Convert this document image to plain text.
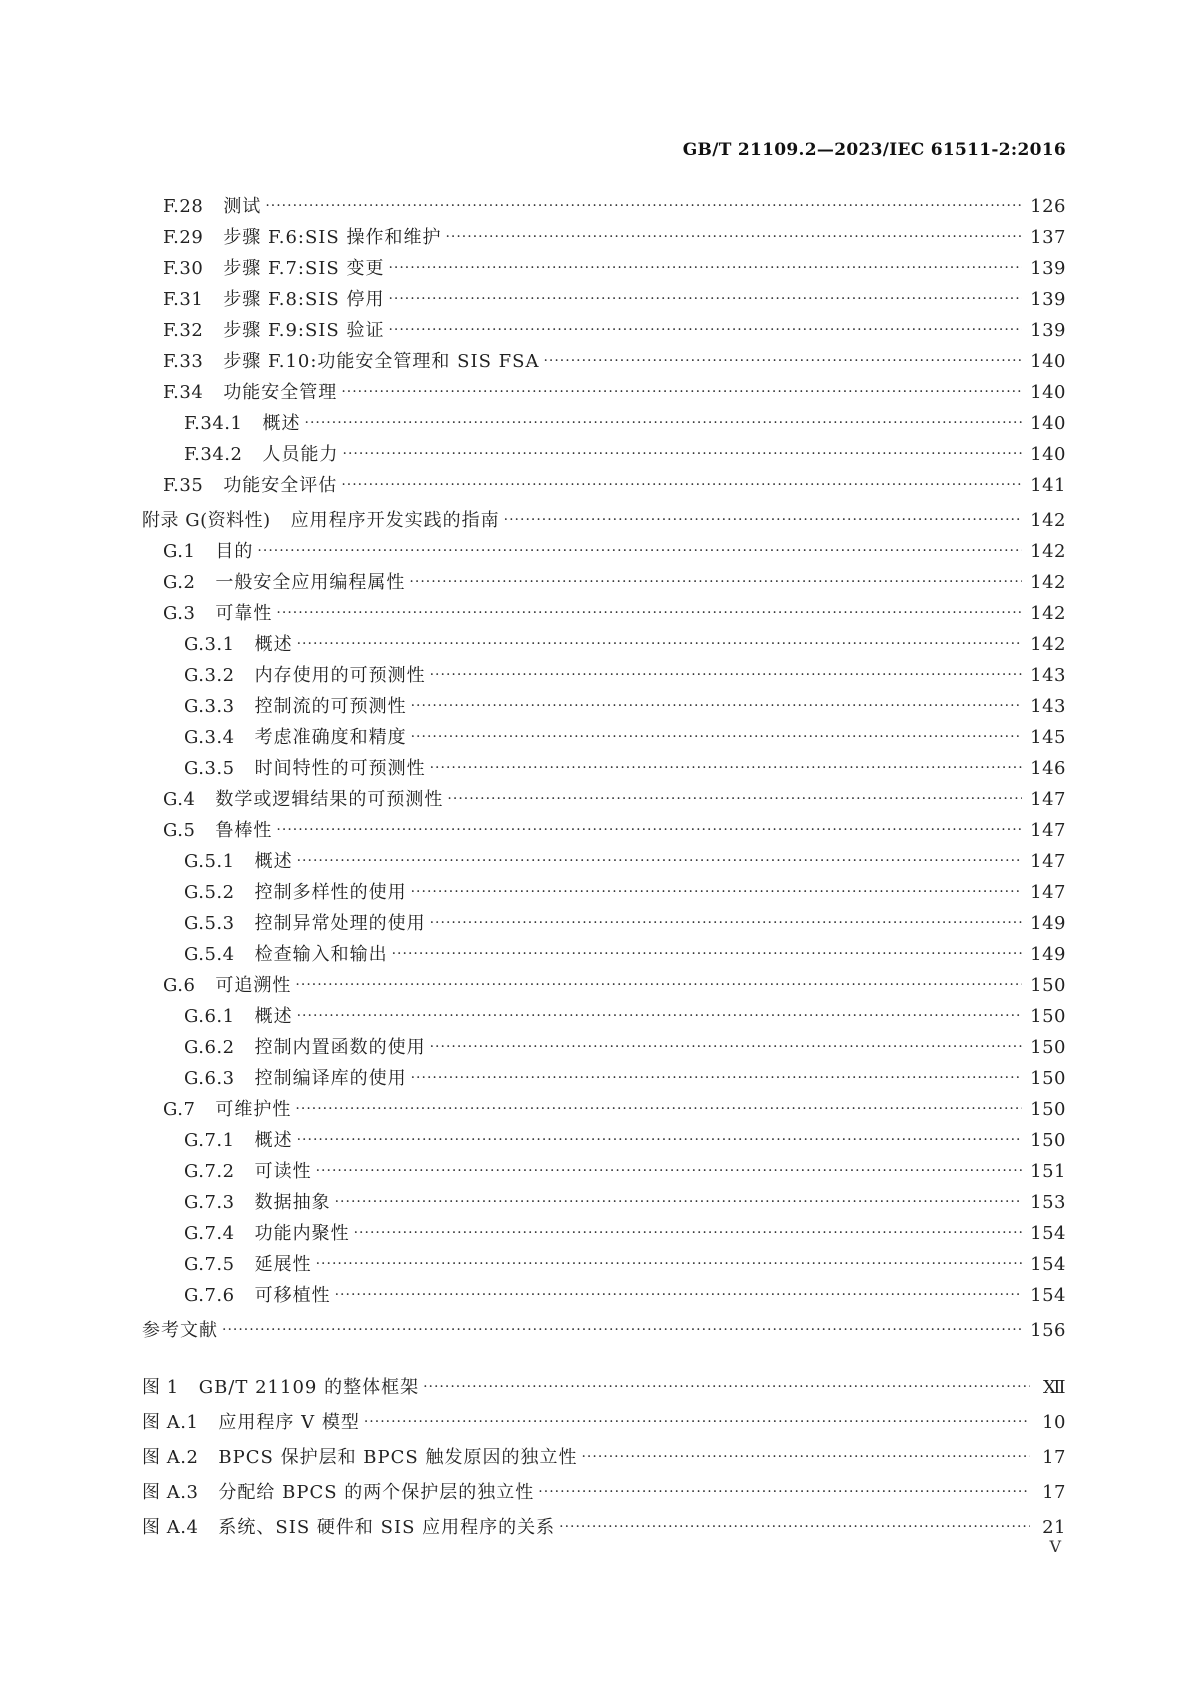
GB/T 21109.2—2023/IEC 61511-2:2016
F.28 测试 ·····	126
F.29 步骤 F.6:SIS 操作和维护 ·····	137
F.30 步骤 F.7:SIS 变更 ·····	139
F.31 步骤 F.8:SIS 停用 ·····	139
F.32 步骤 F.9:SIS 验证 ·····	139
F.33 步骤 F.10:功能安全管理和 SIS FSA ·····	140
F.34 功能安全管理 ·····	140
F.34.1 概述 ·····	140
F.34.2 人员能力 ·····	140
F.35 功能安全评估 ·····	141
附录 G(资料性) 应用程序开发实践的指南 ·····	142
G.1 目的 ·····	142
G.2 一般安全应用编程属性 ·····	142
G.3 可靠性 ·····	142
G.3.1 概述 ·····	142
G.3.2 内存使用的可预测性 ·····	143
G.3.3 控制流的可预测性 ·····	143
G.3.4 考虑准确度和精度 ·····	145
G.3.5 时间特性的可预测性 ·····	146
G.4 数学或逻辑结果的可预测性 ·····	147
G.5 鲁棒性 ·····	147
G.5.1 概述 ·····	147
G.5.2 控制多样性的使用 ·····	147
G.5.3 控制异常处理的使用 ·····	149
G.5.4 检查输入和输出 ·····	149
G.6 可追溯性 ·····	150
G.6.1 概述 ·····	150
G.6.2 控制内置函数的使用 ·····	150
G.6.3 控制编译库的使用 ·····	150
G.7 可维护性 ·····	150
G.7.1 概述 ·····	150
G.7.2 可读性 ·····	151
G.7.3 数据抽象 ·····	153
G.7.4 功能内聚性 ·····	154
G.7.5 延展性 ·····	154
G.7.6 可移植性 ·····	154
参考文献 ·····	156
图 1 GB/T 21109 的整体框架 ·····	Ⅻ
图 A.1 应用程序 V 模型 ·····	10
图 A.2 BPCS 保护层和 BPCS 触发原因的独立性 ·····	17
图 A.3 分配给 BPCS 的两个保护层的独立性 ·····	17
图 A.4 系统、SIS 硬件和 SIS 应用程序的关系 ·····	21
V
